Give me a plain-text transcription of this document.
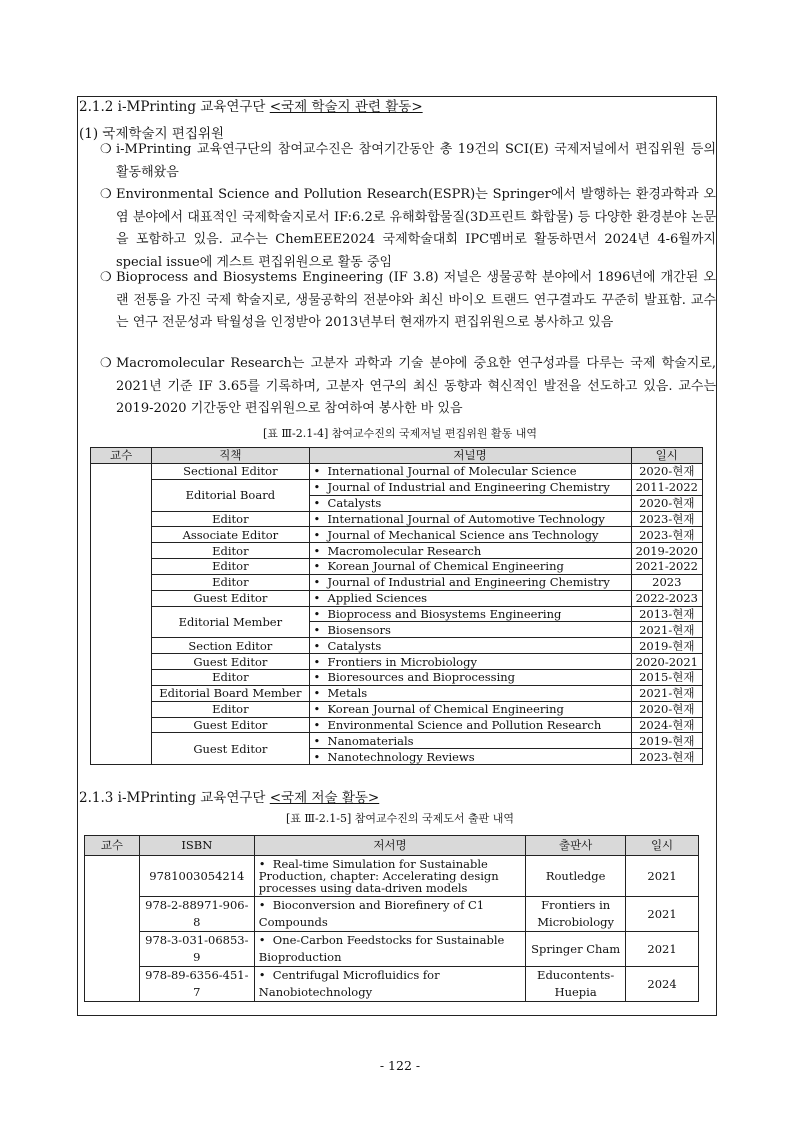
2.1.2 i-MPrinting 교육연구단 <국제 학술지 관련 활동>
(1) 국제학술지 편집위원
❍ i-MPrinting 교육연구단의 참여교수진은 참여기간동안 총 19건의 SCI(E) 국제저널에서 편집위원 등의 활동해왔음
❍ Environmental Science and Pollution Research(ESPR)는 Springer에서 발행하는 환경과학과 오염 분야에서 대표적인 국제학술지로서 IF:6.2로 유해화합물질(3D프린트 화합물) 등 다양한 환경분야 논문을 포함하고 있음. 교수는 ChemEEE2024 국제학술대회 IPC멤버로 활동하면서 2024년 4-6월까지 special issue에 게스트 편집위원으로 활동 중임
❍ Bioprocess and Biosystems Engineering (IF 3.8) 저널은 생물공학 분야에서 1896년에 개간된 오랜 전통을 가진 국제 학술지로, 생물공학의 전분야와 최신 바이오 트랜드 연구결과도 꾸준히 발표함. 교수는 연구 전문성과 탁월성을 인정받아 2013년부터 현재까지 편집위원으로 봉사하고 있음
❍ Macromolecular Research는 고분자 과학과 기술 분야에 중요한 연구성과를 다루는 국제 학술지로, 2021년 기준 IF 3.65를 기록하며, 고분자 연구의 최신 동향과 혁신적인 발전을 선도하고 있음. 교수는 2019-2020 기간동안 편집위원으로 참여하여 봉사한 바 있음
[표 Ⅲ-2.1-4] 참여교수진의 국제저널 편집위원 활동 내역
교수	직책	저널명	일시
	Sectional Editor	• International Journal of Molecular Science	2020-현재
	Editorial Board	• Journal of Industrial and Engineering Chemistry	2011-2022
		• Catalysts	2020-현재
	Editor	• International Journal of Automotive Technology	2023-현재
	Associate Editor	• Journal of Mechanical Science ans Technology	2023-현재
	Editor	• Macromolecular Research	2019-2020
	Editor	• Korean Journal of Chemical Engineering	2021-2022
	Editor	• Journal of Industrial and Engineering Chemistry	2023
	Guest Editor	• Applied Sciences	2022-2023
	Editorial Member	• Bioprocess and Biosystems Engineering	2013-현재
		• Biosensors	2021-현재
	Section Editor	• Catalysts	2019-현재
	Guest Editor	• Frontiers in Microbiology	2020-2021
	Editor	• Bioresources and Bioprocessing	2015-현재
	Editorial Board Member	• Metals	2021-현재
	Editor	• Korean Journal of Chemical Engineering	2020-현재
	Guest Editor	• Environmental Science and Pollution Research	2024-현재
	Guest Editor	• Nanomaterials	2019-현재
		• Nanotechnology Reviews	2023-현재
2.1.3 i-MPrinting 교육연구단 <국제 저술 활동>
[표 Ⅲ-2.1-5] 참여교수진의 국제도서 출판 내역
교수	ISBN	저서명	출판사	일시
	9781003054214	• Real-time Simulation for Sustainable Production, chapter: Accelerating design processes using data-driven models	Routledge	2021
	978-2-88971-906-8	• Bioconversion and Biorefinery of C1 Compounds	Frontiers in Microbiology	2021
	978-3-031-06853-9	• One-Carbon Feedstocks for Sustainable Bioproduction	Springer Cham	2021
	978-89-6356-451-7	• Centrifugal Microfluidics for Nanobiotechnology	Educontents-Huepia	2024
- 122 -
